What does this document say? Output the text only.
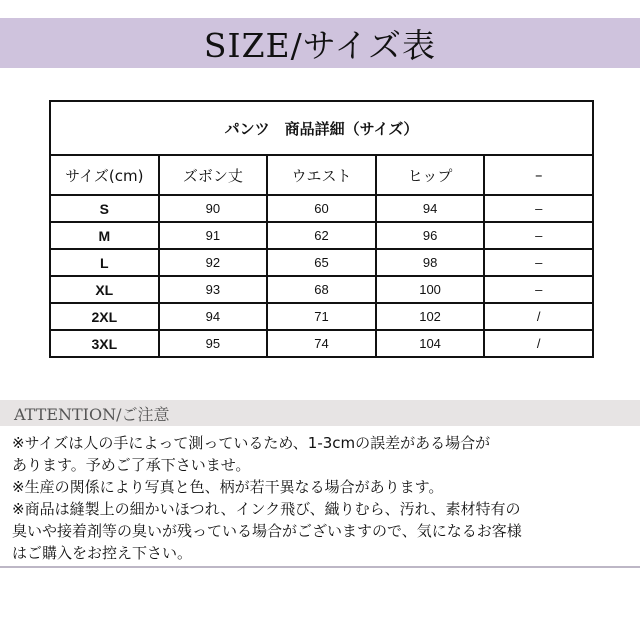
SIZE/サイズ表
パンツ　商品詳細（サイズ）				
サイズ(cm)	ズボン丈	ウエスト	ヒップ	–
S	90	60	94	–
M	91	62	96	–
L	92	65	98	–
XL	93	68	100	–
2XL	94	71	102	/
3XL	95	74	104	/
ATTENTION/ご注意

※サイズは人の手によって測っているため、1-3cmの誤差がある場合が

あります。予めご了承下さいませ。

※生産の関係により写真と色、柄が若干異なる場合があります。

※商品は縫製上の細かいほつれ、インク飛び、織りむら、汚れ、素材特有の

臭いや接着剤等の臭いが残っている場合がございますので、気になるお客様

はご購入をお控え下さい。
